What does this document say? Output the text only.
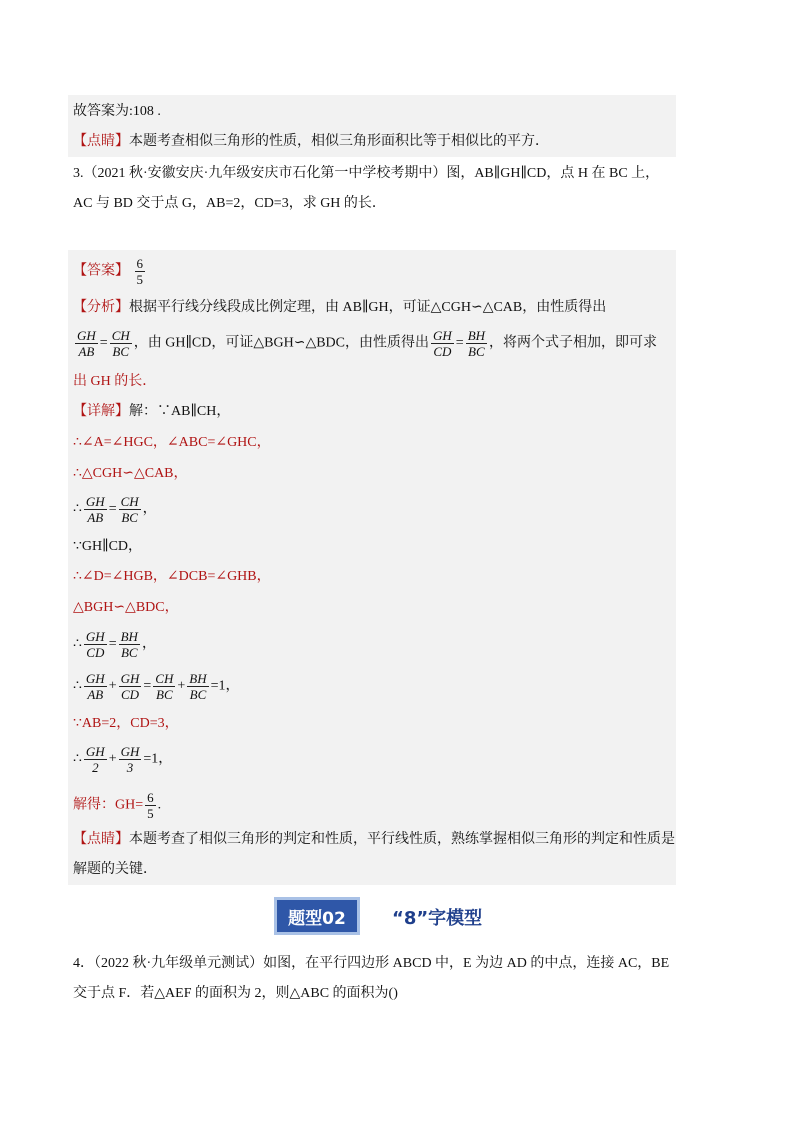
故答案为:108 .
【点睛】本题考查相似三角形的性质，相似三角形面积比等于相似比的平方．
3.（2021 秋·安徽安庆·九年级安庆市石化第一中学校考期中）图，AB∥GH∥CD，点 H 在 BC 上，
AC 与 BD 交于点 G，AB=2，CD=3，求 GH 的长．
【答案】 $\frac{6}{5}$
【分析】根据平行线分线段成比例定理，由 AB∥GH，可证△CGH∽△CAB，由性质得出
$\frac{GH}{AB} = \frac{CH}{BC}$ ，由 GH∥CD，可证△BGH∽△BDC，由性质得出 $\frac{GH}{CD} = \frac{BH}{BC}$ ，将两个式子相加，即可求
出 GH 的长．
【详解】解：∵AB∥CH，
∴∠A=∠HGC，∠ABC=∠GHC，
∴△CGH∽△CAB，
∴ $\frac{GH}{AB} = \frac{CH}{BC}$ ，
∵GH∥CD，
∴∠D=∠HGB，∠DCB=∠GHB，
△BGH∽△BDC，
∴ $\frac{GH}{CD} = \frac{BH}{BC}$ ，
∴ $\frac{GH}{AB} + \frac{GH}{CD} = \frac{CH}{BC} + \frac{BH}{BC} =1$，
∵AB=2，CD=3，
∴ $\frac{GH}{2} + \frac{GH}{3} =1$，
解得：$GH= \frac{6}{5}$ .
【点睛】本题考查了相似三角形的判定和性质，平行线性质，熟练掌握相似三角形的判定和性质是
解题的关键．
题型02	“8”字模型
4．（2022 秋·九年级单元测试）如图，在平行四边形 ABCD 中，E 为边 AD 的中点，连接 AC，BE
交于点 F．若△AEF 的面积为 2，则△ABC 的面积为()
